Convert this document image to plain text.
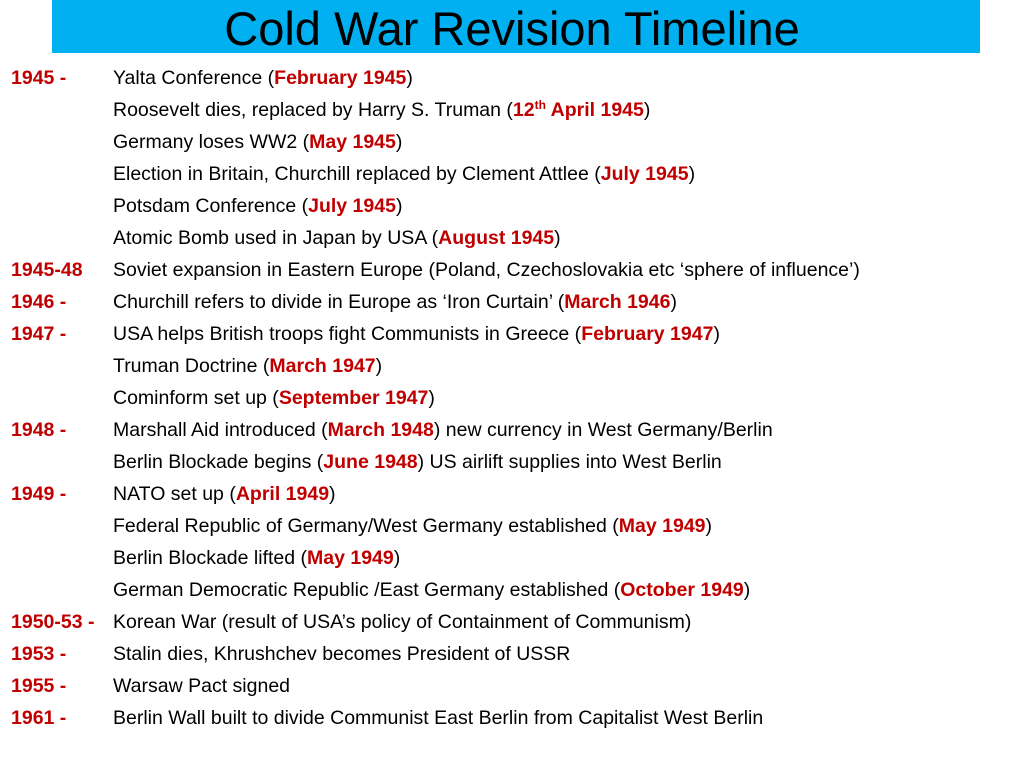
Cold War Revision Timeline
1945 -	Yalta Conference (February 1945)
Roosevelt dies, replaced by Harry S. Truman (12th April 1945)
Germany loses WW2 (May 1945)
Election in Britain, Churchill replaced by Clement Attlee (July 1945)
Potsdam Conference (July 1945)
Atomic Bomb used in Japan by USA (August 1945)
1945-48	Soviet expansion in Eastern Europe (Poland, Czechoslovakia etc ‘sphere of influence’)
1946 -	Churchill refers to divide in Europe as ‘Iron Curtain’ (March 1946)
1947 -	USA helps British troops fight Communists in Greece (February 1947)
Truman Doctrine (March 1947)
Cominform set up (September 1947)
1948 -	Marshall Aid introduced (March 1948) new currency in West Germany/Berlin
Berlin Blockade begins (June 1948) US airlift supplies into West Berlin
1949 -	NATO set up (April 1949)
Federal Republic of Germany/West Germany established (May 1949)
Berlin Blockade lifted (May 1949)
German Democratic Republic /East Germany established (October 1949)
1950-53 - Korean War (result of USA’s policy of Containment of Communism)
1953 -	Stalin dies, Khrushchev becomes President of USSR
1955 -	Warsaw Pact signed
1961 -	Berlin Wall built to divide Communist East Berlin from Capitalist West Berlin
